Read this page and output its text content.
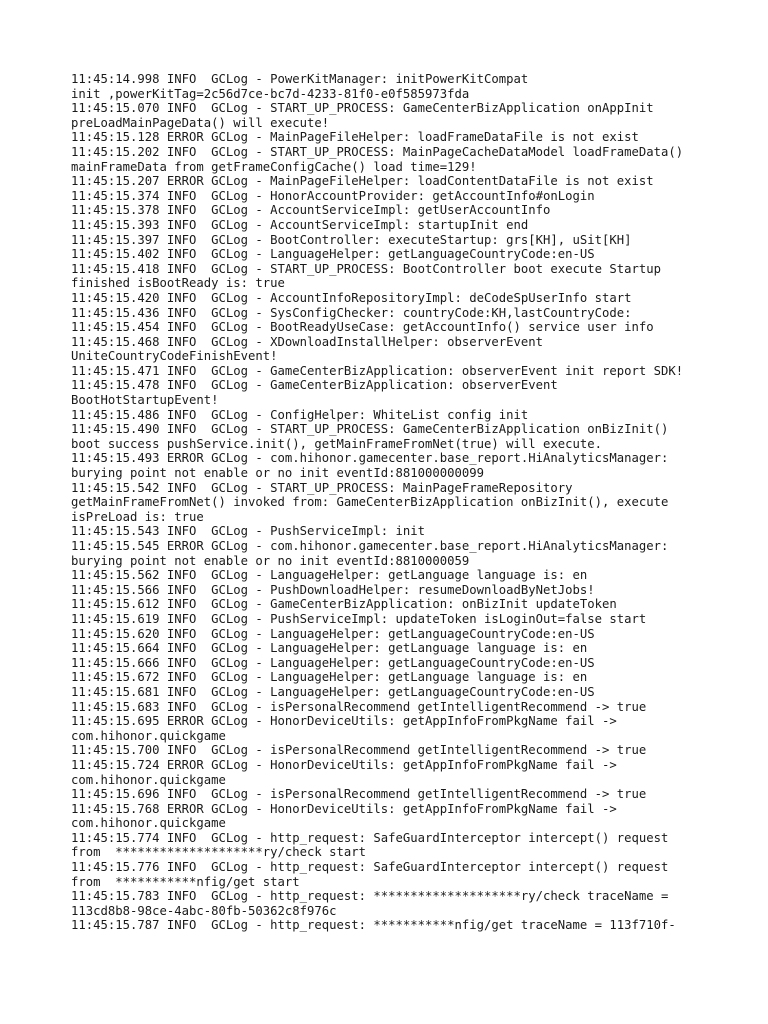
11:45:14.998 INFO  GCLog - PowerKitManager: initPowerKitCompat
init ,powerKitTag=2c56d7ce-bc7d-4233-81f0-e0f585973fda
11:45:15.070 INFO  GCLog - START_UP_PROCESS: GameCenterBizApplication onAppInit
preLoadMainPageData() will execute!
11:45:15.128 ERROR GCLog - MainPageFileHelper: loadFrameDataFile is not exist
11:45:15.202 INFO  GCLog - START_UP_PROCESS: MainPageCacheDataModel loadFrameData()
mainFrameData from getFrameConfigCache() load time=129!
11:45:15.207 ERROR GCLog - MainPageFileHelper: loadContentDataFile is not exist
11:45:15.374 INFO  GCLog - HonorAccountProvider: getAccountInfo#onLogin
11:45:15.378 INFO  GCLog - AccountServiceImpl: getUserAccountInfo
11:45:15.393 INFO  GCLog - AccountServiceImpl: startupInit end
11:45:15.397 INFO  GCLog - BootController: executeStartup: grs[KH], uSit[KH]
11:45:15.402 INFO  GCLog - LanguageHelper: getLanguageCountryCode:en-US
11:45:15.418 INFO  GCLog - START_UP_PROCESS: BootController boot execute Startup
finished isBootReady is: true
11:45:15.420 INFO  GCLog - AccountInfoRepositoryImpl: deCodeSpUserInfo start
11:45:15.436 INFO  GCLog - SysConfigChecker: countryCode:KH,lastCountryCode:
11:45:15.454 INFO  GCLog - BootReadyUseCase: getAccountInfo() service user info
11:45:15.468 INFO  GCLog - XDownloadInstallHelper: observerEvent
UniteCountryCodeFinishEvent!
11:45:15.471 INFO  GCLog - GameCenterBizApplication: observerEvent init report SDK!
11:45:15.478 INFO  GCLog - GameCenterBizApplication: observerEvent
BootHotStartupEvent!
11:45:15.486 INFO  GCLog - ConfigHelper: WhiteList config init
11:45:15.490 INFO  GCLog - START_UP_PROCESS: GameCenterBizApplication onBizInit()
boot success pushService.init(), getMainFrameFromNet(true) will execute.
11:45:15.493 ERROR GCLog - com.hihonor.gamecenter.base_report.HiAnalyticsManager:
burying point not enable or no init eventId:881000000099
11:45:15.542 INFO  GCLog - START_UP_PROCESS: MainPageFrameRepository
getMainFrameFromNet() invoked from: GameCenterBizApplication onBizInit(), execute
isPreLoad is: true
11:45:15.543 INFO  GCLog - PushServiceImpl: init
11:45:15.545 ERROR GCLog - com.hihonor.gamecenter.base_report.HiAnalyticsManager:
burying point not enable or no init eventId:8810000059
11:45:15.562 INFO  GCLog - LanguageHelper: getLanguage language is: en
11:45:15.566 INFO  GCLog - PushDownloadHelper: resumeDownloadByNetJobs!
11:45:15.612 INFO  GCLog - GameCenterBizApplication: onBizInit updateToken
11:45:15.619 INFO  GCLog - PushServiceImpl: updateToken isLoginOut=false start
11:45:15.620 INFO  GCLog - LanguageHelper: getLanguageCountryCode:en-US
11:45:15.664 INFO  GCLog - LanguageHelper: getLanguage language is: en
11:45:15.666 INFO  GCLog - LanguageHelper: getLanguageCountryCode:en-US
11:45:15.672 INFO  GCLog - LanguageHelper: getLanguage language is: en
11:45:15.681 INFO  GCLog - LanguageHelper: getLanguageCountryCode:en-US
11:45:15.683 INFO  GCLog - isPersonalRecommend getIntelligentRecommend -> true
11:45:15.695 ERROR GCLog - HonorDeviceUtils: getAppInfoFromPkgName fail ->
com.hihonor.quickgame
11:45:15.700 INFO  GCLog - isPersonalRecommend getIntelligentRecommend -> true
11:45:15.724 ERROR GCLog - HonorDeviceUtils: getAppInfoFromPkgName fail ->
com.hihonor.quickgame
11:45:15.696 INFO  GCLog - isPersonalRecommend getIntelligentRecommend -> true
11:45:15.768 ERROR GCLog - HonorDeviceUtils: getAppInfoFromPkgName fail ->
com.hihonor.quickgame
11:45:15.774 INFO  GCLog - http_request: SafeGuardInterceptor intercept() request
from  ********************ry/check start
11:45:15.776 INFO  GCLog - http_request: SafeGuardInterceptor intercept() request
from  ***********nfig/get start
11:45:15.783 INFO  GCLog - http_request: ********************ry/check traceName =
113cd8b8-98ce-4abc-80fb-50362c8f976c
11:45:15.787 INFO  GCLog - http_request: ***********nfig/get traceName = 113f710f-
